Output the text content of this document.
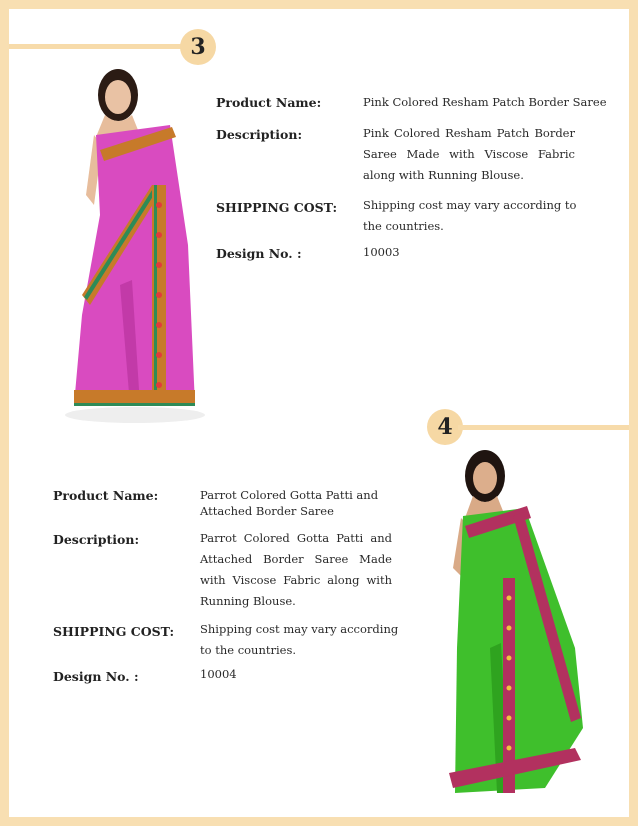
3
Product Name:	Pink Colored Resham Patch Border Saree
Description:	Pink Colored Resham Patch Border Saree Made with Viscose Fabric along with Running Blouse.
SHIPPING COST: Shipping cost may vary according to the countries.
Design No. :	10003
4
Product Name:	Parrot Colored Gotta Patti and Attached Border Saree
Description:	Parrot Colored Gotta Patti and Attached Border Saree Made with Viscose Fabric along with Running Blouse.
SHIPPING COST: Shipping cost may vary according to the countries.
Design No. :	10004
